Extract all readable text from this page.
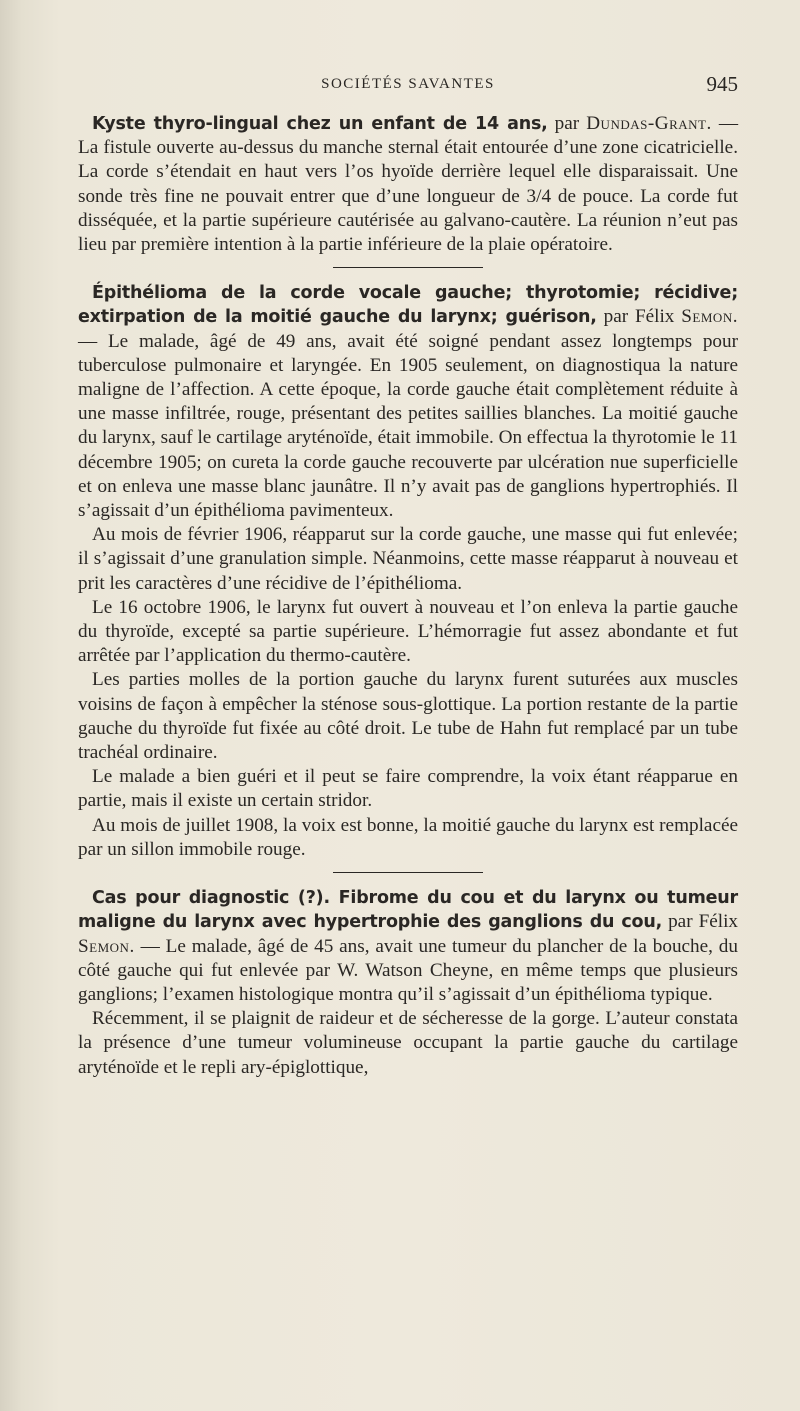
SOCIÉTÉS SAVANTES	945

Kyste thyro-lingual chez un enfant de 14 ans, par Dundas-Grant. — La fistule ouverte au-dessus du manche sternal était entourée d’une zone cicatricielle. La corde s’étendait en haut vers l’os hyoïde derrière lequel elle disparaissait. Une sonde très fine ne pouvait entrer que d’une longueur de 3/4 de pouce. La corde fut disséquée, et la partie supérieure cautérisée au galvano-cautère. La réunion n’eut pas lieu par première intention à la partie inférieure de la plaie opératoire.

Épithélioma de la corde vocale gauche; thyrotomie; récidive; extirpation de la moitié gauche du larynx; guérison, par Félix Semon. — Le malade, âgé de 49 ans, avait été soigné pendant assez longtemps pour tuberculose pulmonaire et laryngée. En 1905 seulement, on diagnostiqua la nature maligne de l’affection. A cette époque, la corde gauche était complètement réduite à une masse infiltrée, rouge, présentant des petites saillies blanches. La moitié gauche du larynx, sauf le cartilage aryténoïde, était immobile. On effectua la thyrotomie le 11 décembre 1905; on cureta la corde gauche recouverte par ulcération nue superficielle et on enleva une masse blanc jaunâtre. Il n’y avait pas de ganglions hypertrophiés. Il s’agissait d’un épithélioma pavimenteux.

Au mois de février 1906, réapparut sur la corde gauche, une masse qui fut enlevée; il s’agissait d’une granulation simple. Néanmoins, cette masse réapparut à nouveau et prit les caractères d’une récidive de l’épithélioma.

Le 16 octobre 1906, le larynx fut ouvert à nouveau et l’on enleva la partie gauche du thyroïde, excepté sa partie supérieure. L’hémorragie fut assez abondante et fut arrêtée par l’application du thermo-cautère.

Les parties molles de la portion gauche du larynx furent suturées aux muscles voisins de façon à empêcher la sténose sous-glottique. La portion restante de la partie gauche du thyroïde fut fixée au côté droit. Le tube de Hahn fut remplacé par un tube trachéal ordinaire.

Le malade a bien guéri et il peut se faire comprendre, la voix étant réapparue en partie, mais il existe un certain stridor.

Au mois de juillet 1908, la voix est bonne, la moitié gauche du larynx est remplacée par un sillon immobile rouge.

Cas pour diagnostic (?). Fibrome du cou et du larynx ou tumeur maligne du larynx avec hypertrophie des ganglions du cou, par Félix Semon. — Le malade, âgé de 45 ans, avait une tumeur du plancher de la bouche, du côté gauche qui fut enlevée par W. Watson Cheyne, en même temps que plusieurs ganglions; l’examen histologique montra qu’il s’agissait d’un épithélioma typique.

Récemment, il se plaignit de raideur et de sécheresse de la gorge. L’auteur constata la présence d’une tumeur volumineuse occupant la partie gauche du cartilage aryténoïde et le repli ary-épiglottique,
